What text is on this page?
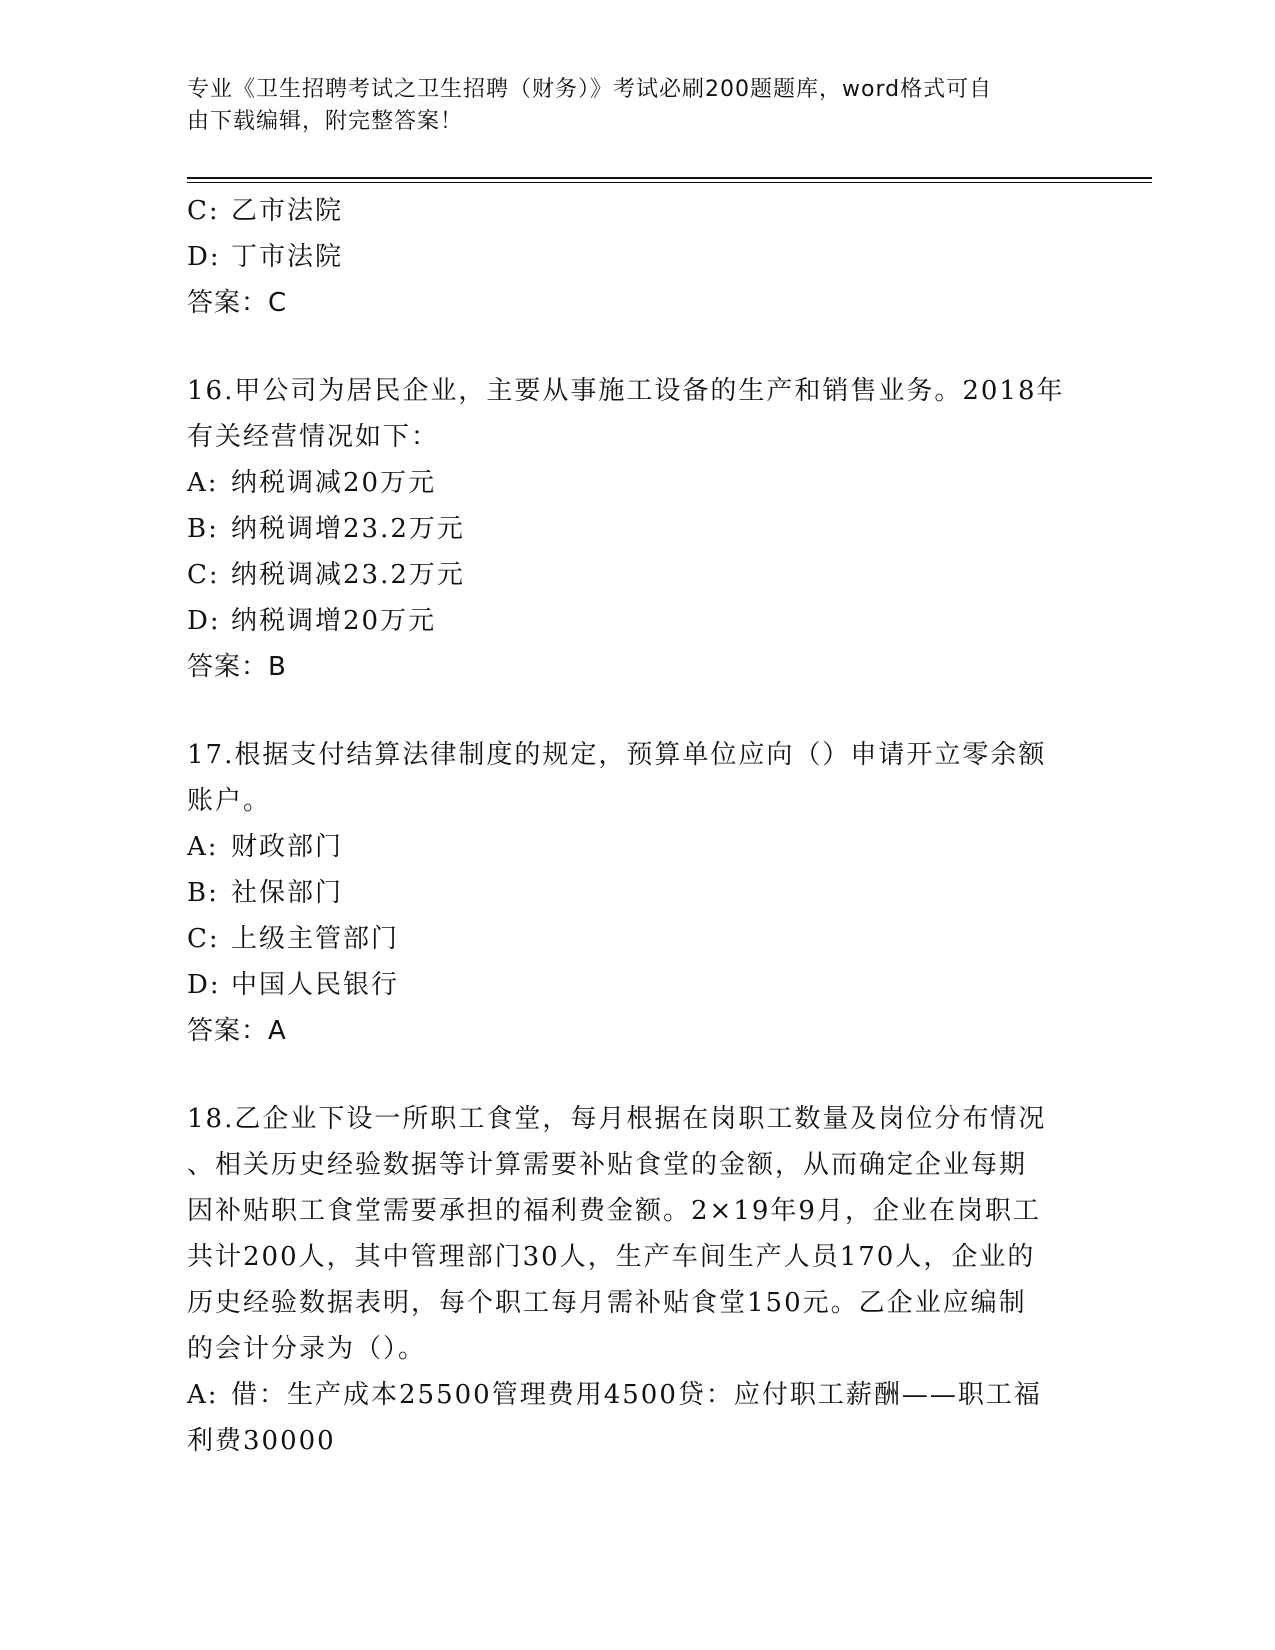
专业《卫生招聘考试之卫生招聘（财务）》考试必刷200题题库，word格式可自
由下载编辑，附完整答案！
C: 乙市法院
D: 丁市法院
答案：C
16.甲公司为居民企业，主要从事施工设备的生产和销售业务。2018年
有关经营情况如下：
A: 纳税调减20万元
B: 纳税调增23.2万元
C: 纳税调减23.2万元
D: 纳税调增20万元
答案：B
17.根据支付结算法律制度的规定，预算单位应向（）申请开立零余额
账户。
A: 财政部门
B: 社保部门
C: 上级主管部门
D: 中国人民银行
答案：A
18.乙企业下设一所职工食堂，每月根据在岗职工数量及岗位分布情况
、相关历史经验数据等计算需要补贴食堂的金额，从而确定企业每期
因补贴职工食堂需要承担的福利费金额。2×19年9月，企业在岗职工
共计200人，其中管理部门30人，生产车间生产人员170人，企业的
历史经验数据表明，每个职工每月需补贴食堂150元。乙企业应编制
的会计分录为（）。
A: 借：生产成本25500管理费用4500贷：应付职工薪酬——职工福
利费30000
